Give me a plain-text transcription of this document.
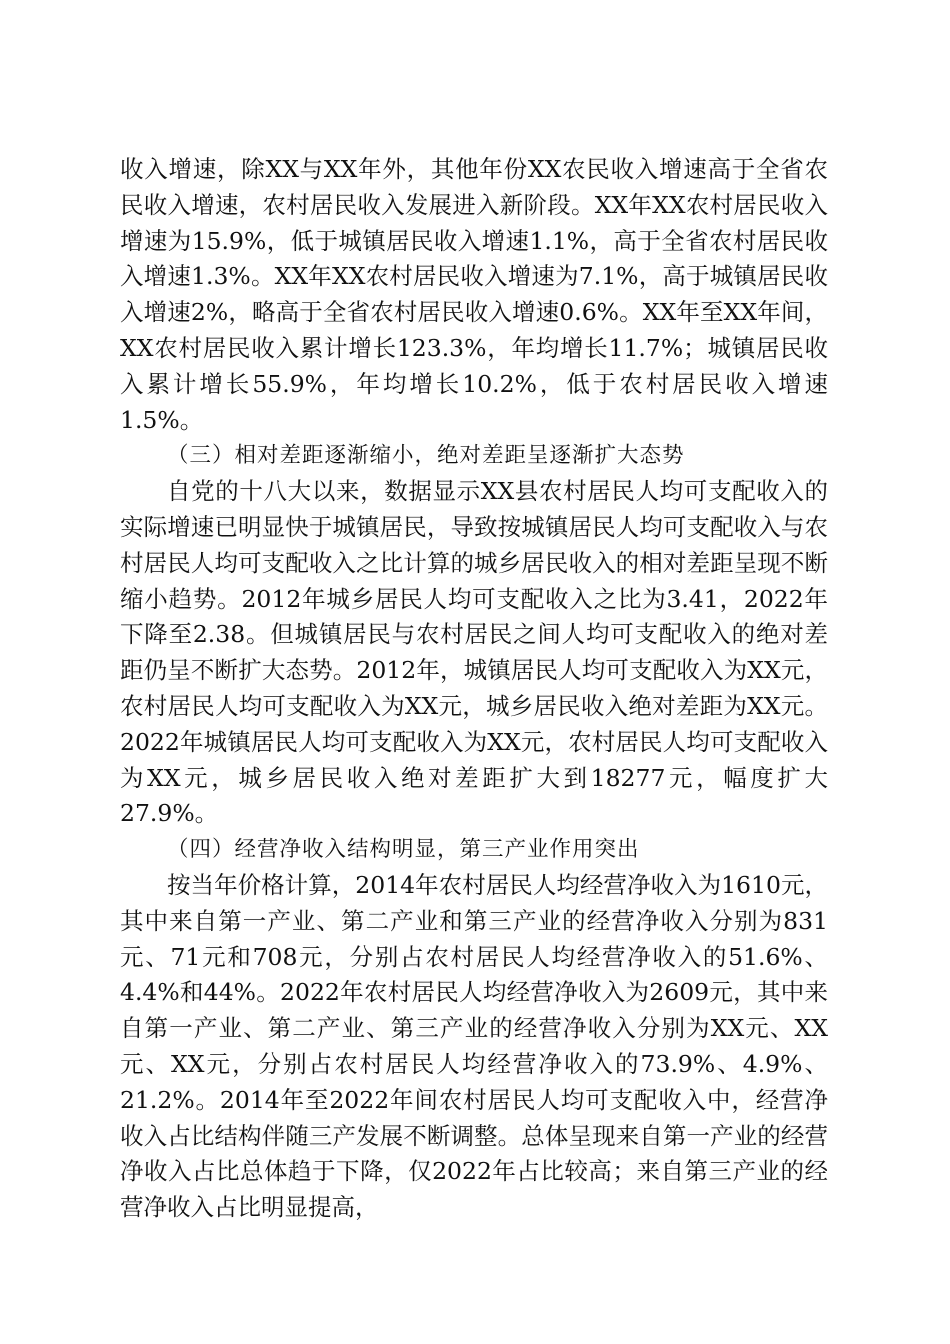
收入增速，除XX与XX年外，其他年份XX农民收入增速高于全省农民收入增速，农村居民收入发展进入新阶段。XX年XX农村居民收入增速为15.9%，低于城镇居民收入增速1.1%，高于全省农村居民收入增速1.3%。XX年XX农村居民收入增速为7.1%，高于城镇居民收入增速2%，略高于全省农村居民收入增速0.6%。XX年至XX年间，XX农村居民收入累计增长123.3%，年均增长11.7%；城镇居民收入累计增长55.9%，年均增长10.2%，低于农村居民收入增速1.5%。

（三）相对差距逐渐缩小，绝对差距呈逐渐扩大态势

自党的十八大以来，数据显示XX县农村居民人均可支配收入的实际增速已明显快于城镇居民，导致按城镇居民人均可支配收入与农村居民人均可支配收入之比计算的城乡居民收入的相对差距呈现不断缩小趋势。2012年城乡居民人均可支配收入之比为3.41，2022年下降至2.38。但城镇居民与农村居民之间人均可支配收入的绝对差距仍呈不断扩大态势。2012年，城镇居民人均可支配收入为XX元，农村居民人均可支配收入为XX元，城乡居民收入绝对差距为XX元。2022年城镇居民人均可支配收入为XX元，农村居民人均可支配收入为XX元，城乡居民收入绝对差距扩大到18277元，幅度扩大27.9%。

（四）经营净收入结构明显，第三产业作用突出

按当年价格计算，2014年农村居民人均经营净收入为1610元，其中来自第一产业、第二产业和第三产业的经营净收入分别为831元、71元和708元，分别占农村居民人均经营净收入的51.6%、4.4%和44%。2022年农村居民人均经营净收入为2609元，其中来自第一产业、第二产业、第三产业的经营净收入分别为XX元、XX元、XX元，分别占农村居民人均经营净收入的73.9%、4.9%、21.2%。2014年至2022年间农村居民人均可支配收入中，经营净收入占比结构伴随三产发展不断调整。总体呈现来自第一产业的经营净收入占比总体趋于下降，仅2022年占比较高；来自第三产业的经营净收入占比明显提高，
